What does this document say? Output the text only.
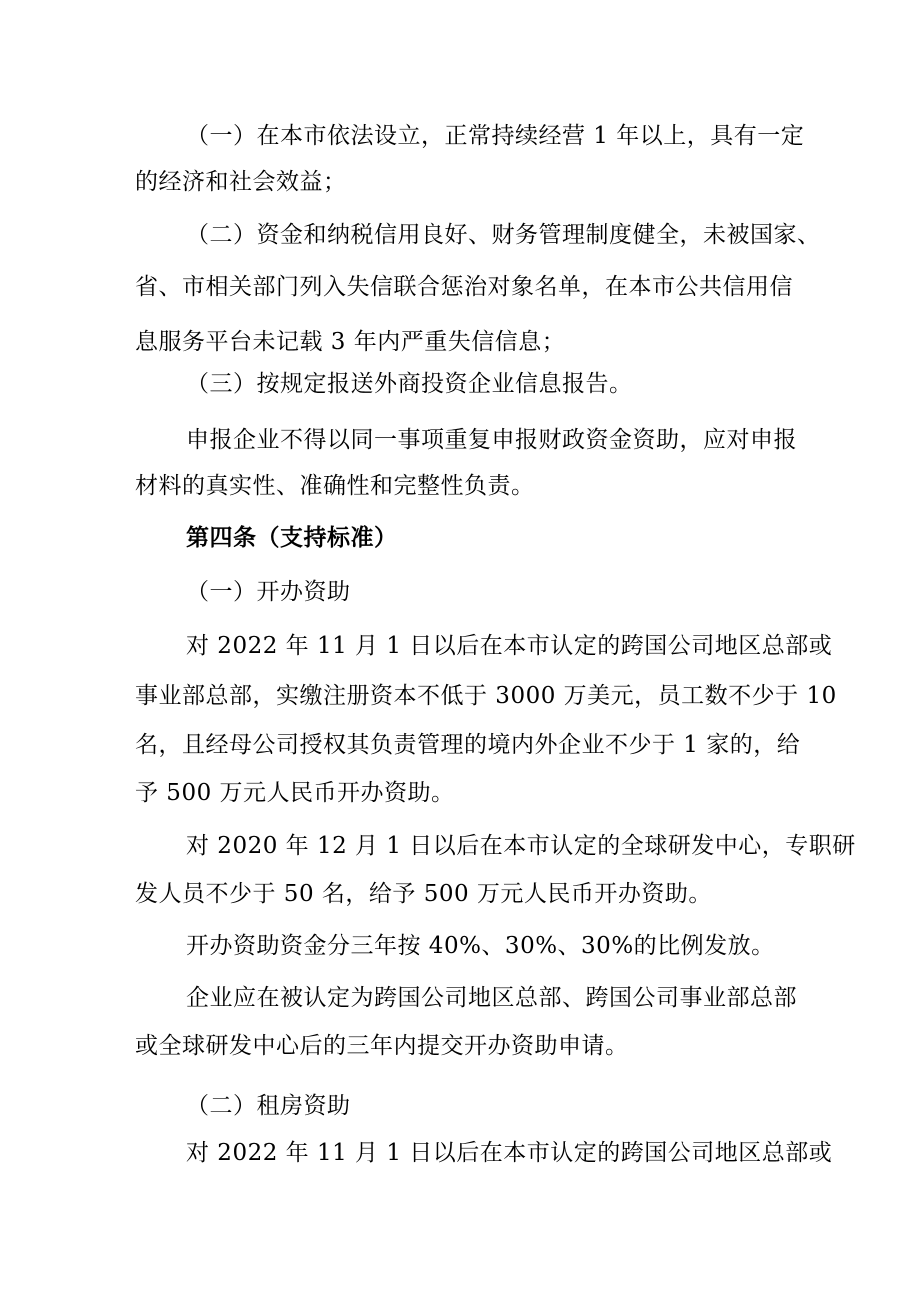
（一）在本市依法设立，正常持续经营 1 年以上，具有一定
的经济和社会效益；
（二）资金和纳税信用良好、财务管理制度健全，未被国家、
省、市相关部门列入失信联合惩治对象名单，在本市公共信用信
息服务平台未记载 3 年内严重失信信息；
（三）按规定报送外商投资企业信息报告。
申报企业不得以同一事项重复申报财政资金资助，应对申报
材料的真实性、准确性和完整性负责。
第四条（支持标准）
（一）开办资助
对 2022 年 11 月 1 日以后在本市认定的跨国公司地区总部或
事业部总部，实缴注册资本不低于 3000 万美元，员工数不少于 10
名，且经母公司授权其负责管理的境内外企业不少于 1 家的，给
予 500 万元人民币开办资助。
对 2020 年 12 月 1 日以后在本市认定的全球研发中心，专职研
发人员不少于 50 名，给予 500 万元人民币开办资助。
开办资助资金分三年按 40%、30%、30%的比例发放。
企业应在被认定为跨国公司地区总部、跨国公司事业部总部
或全球研发中心后的三年内提交开办资助申请。
（二）租房资助
对 2022 年 11 月 1 日以后在本市认定的跨国公司地区总部或
